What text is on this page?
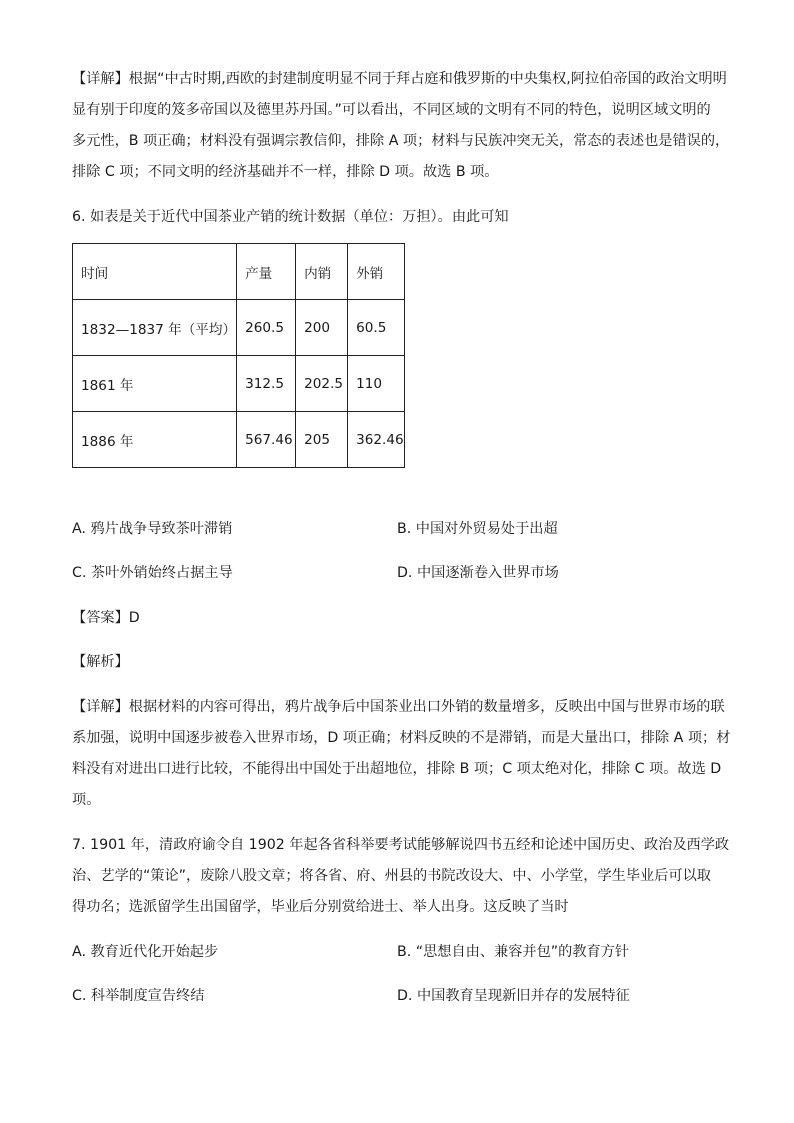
【详解】根据“中古时期,西欧的封建制度明显不同于拜占庭和俄罗斯的中央集权,阿拉伯帝国的政治文明明
显有别于印度的笈多帝国以及德里苏丹国。”可以看出，不同区域的文明有不同的特色，说明区域文明的
多元性，B 项正确；材料没有强调宗教信仰，排除 A 项；材料与民族冲突无关，常态的表述也是错误的，
排除 C 项；不同文明的经济基础并不一样，排除 D 项。故选 B 项。
6. 如表是关于近代中国茶业产销的统计数据（单位：万担）。由此可知
时间	产量	内销	外销
1832—1837 年（平均）	260.5	200	60.5
1861 年	312.5	202.5	110
1886 年	567.46	205	362.46
A. 鸦片战争导致茶叶滞销	B. 中国对外贸易处于出超
C. 茶叶外销始终占据主导	D. 中国逐渐卷入世界市场
【答案】D
【解析】
【详解】根据材料的内容可得出，鸦片战争后中国茶业出口外销的数量增多，反映出中国与世界市场的联
系加强，说明中国逐步被卷入世界市场，D 项正确；材料反映的不是滞销，而是大量出口，排除 A 项；材
料没有对进出口进行比较，不能得出中国处于出超地位，排除 B 项；C 项太绝对化，排除 C 项。故选 D
项。
7. 1901 年，清政府谕令自 1902 年起各省科举要考试能够解说四书五经和论述中国历史、政治及西学政
治、艺学的“策论”，废除八股文章；将各省、府、州县的书院改设大、中、小学堂，学生毕业后可以取
得功名；选派留学生出国留学，毕业后分别赏给进士、举人出身。这反映了当时
A. 教育近代化开始起步	B. “思想自由、兼容并包”的教育方针
C. 科举制度宣告终结	D. 中国教育呈现新旧并存的发展特征
